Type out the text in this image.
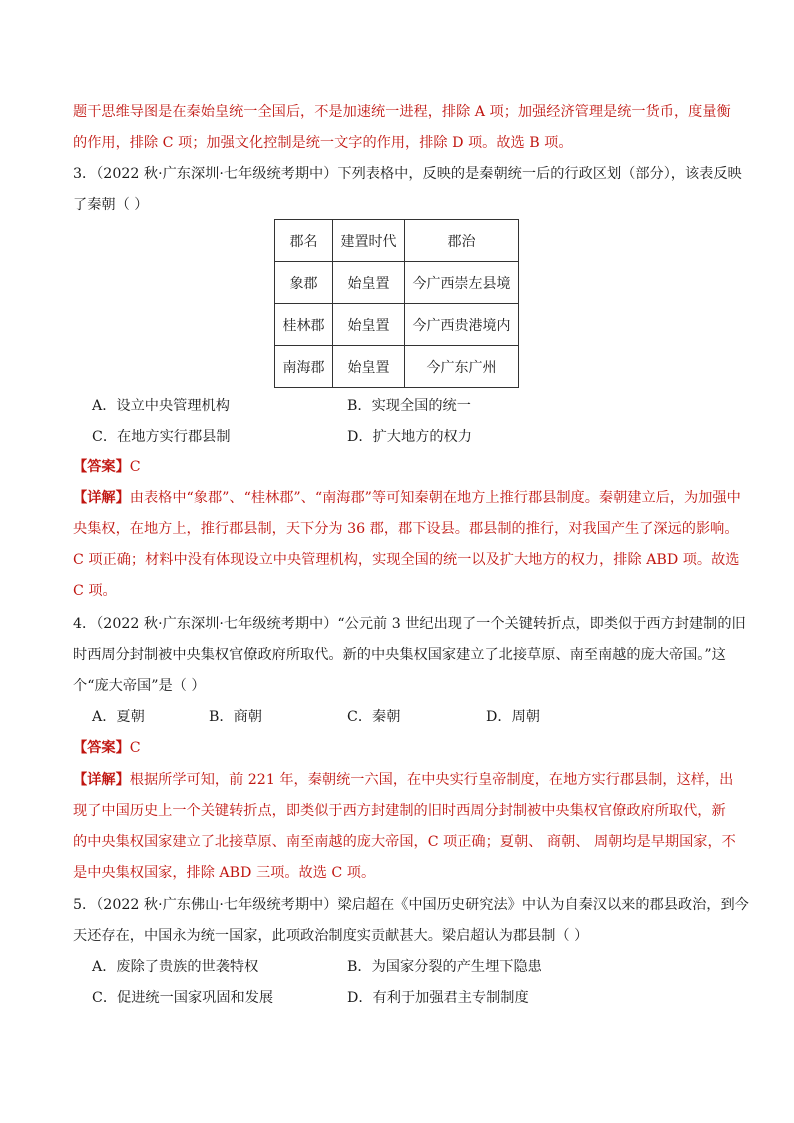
题干思维导图是在秦始皇统一全国后，不是加速统一进程，排除 A 项；加强经济管理是统一货币，度量衡
的作用，排除 C 项；加强文化控制是统一文字的作用，排除 D 项。故选 B 项。
3．（2022 秋·广东深圳·七年级统考期中）下列表格中，反映的是秦朝统一后的行政区划（部分），该表反映
了秦朝（ ）
郡名	建置时代	郡治
象郡	始皇置	今广西崇左县境
桂林郡	始皇置	今广西贵港境内
南海郡	始皇置	今广东广州
A．设立中央管理机构	B．实现全国的统一
C．在地方实行郡县制	D．扩大地方的权力
【答案】C
【详解】由表格中“象郡”、“桂林郡”、“南海郡”等可知秦朝在地方上推行郡县制度。秦朝建立后，为加强中
央集权，在地方上，推行郡县制，天下分为 36 郡，郡下设县。郡县制的推行，对我国产生了深远的影响。
C 项正确；材料中没有体现设立中央管理机构，实现全国的统一以及扩大地方的权力，排除 ABD 项。故选
C 项。
4．（2022 秋·广东深圳·七年级统考期中）“公元前 3 世纪出现了一个关键转折点，即类似于西方封建制的旧
时西周分封制被中央集权官僚政府所取代。新的中央集权国家建立了北接草原、南至南越的庞大帝国。”这
个“庞大帝国”是（ ）
A．夏朝	B．商朝	C．秦朝	D．周朝
【答案】C
【详解】根据所学可知，前 221 年，秦朝统一六国，在中央实行皇帝制度，在地方实行郡县制，这样，出
现了中国历史上一个关键转折点，即类似于西方封建制的旧时西周分封制被中央集权官僚政府所取代，新
的中央集权国家建立了北接草原、南至南越的庞大帝国，C 项正确；夏朝、 商朝、 周朝均是早期国家，不
是中央集权国家，排除 ABD 三项。故选 C 项。
5．（2022 秋·广东佛山·七年级统考期中）梁启超在《中国历史研究法》中认为自秦汉以来的郡县政治，到今
天还存在，中国永为统一国家，此项政治制度实贡献甚大。梁启超认为郡县制（ ）
A．废除了贵族的世袭特权	B．为国家分裂的产生埋下隐患
C．促进统一国家巩固和发展	D．有利于加强君主专制制度
